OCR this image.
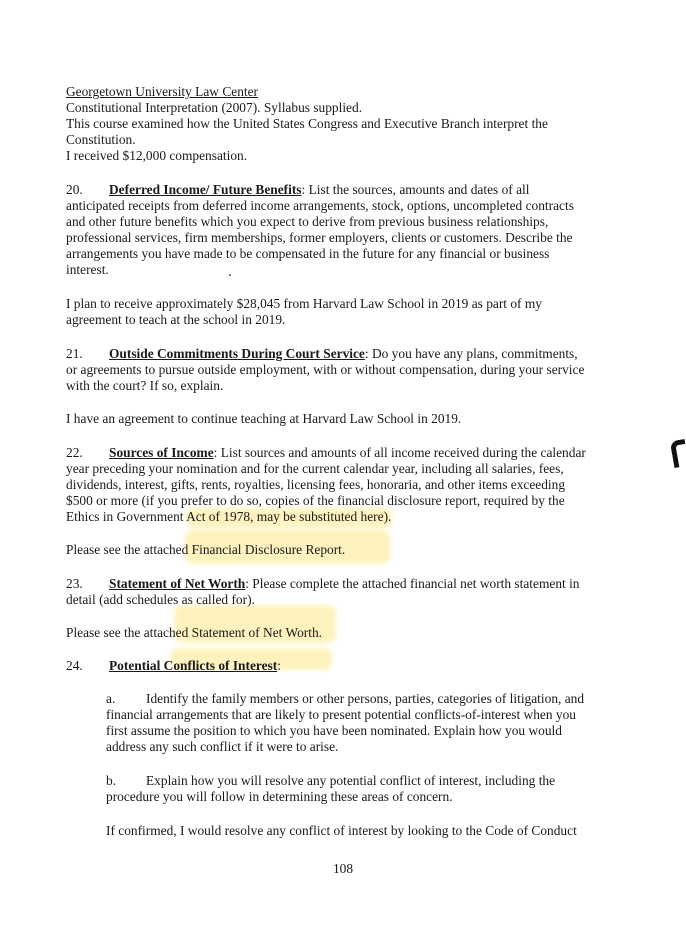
Georgetown University Law Center
Constitutional Interpretation (2007). Syllabus supplied.
This course examined how the United States Congress and Executive Branch interpret the
Constitution.
I received $12,000 compensation.
20. Deferred Income/ Future Benefits: List the sources, amounts and dates of all
anticipated receipts from deferred income arrangements, stock, options, uncompleted contracts
and other future benefits which you expect to derive from previous business relationships,
professional services, firm memberships, former employers, clients or customers. Describe the
arrangements you have made to be compensated in the future for any financial or business
interest.
I plan to receive approximately $28,045 from Harvard Law School in 2019 as part of my
agreement to teach at the school in 2019.
21. Outside Commitments During Court Service: Do you have any plans, commitments,
or agreements to pursue outside employment, with or without compensation, during your service
with the court? If so, explain.
I have an agreement to continue teaching at Harvard Law School in 2019.
22. Sources of Income: List sources and amounts of all income received during the calendar
year preceding your nomination and for the current calendar year, including all salaries, fees,
dividends, interest, gifts, rents, royalties, licensing fees, honoraria, and other items exceeding
$500 or more (if you prefer to do so, copies of the financial disclosure report, required by the
Ethics in Government Act of 1978, may be substituted here).
Please see the attached Financial Disclosure Report.
23. Statement of Net Worth: Please complete the attached financial net worth statement in
detail (add schedules as called for).
Please see the attached Statement of Net Worth.
24. Potential Conflicts of Interest:
a. Identify the family members or other persons, parties, categories of litigation, and
financial arrangements that are likely to present potential conflicts-of-interest when you
first assume the position to which you have been nominated. Explain how you would
address any such conflict if it were to arise.
b. Explain how you will resolve any potential conflict of interest, including the
procedure you will follow in determining these areas of concern.
If confirmed, I would resolve any conflict of interest by looking to the Code of Conduct
108
